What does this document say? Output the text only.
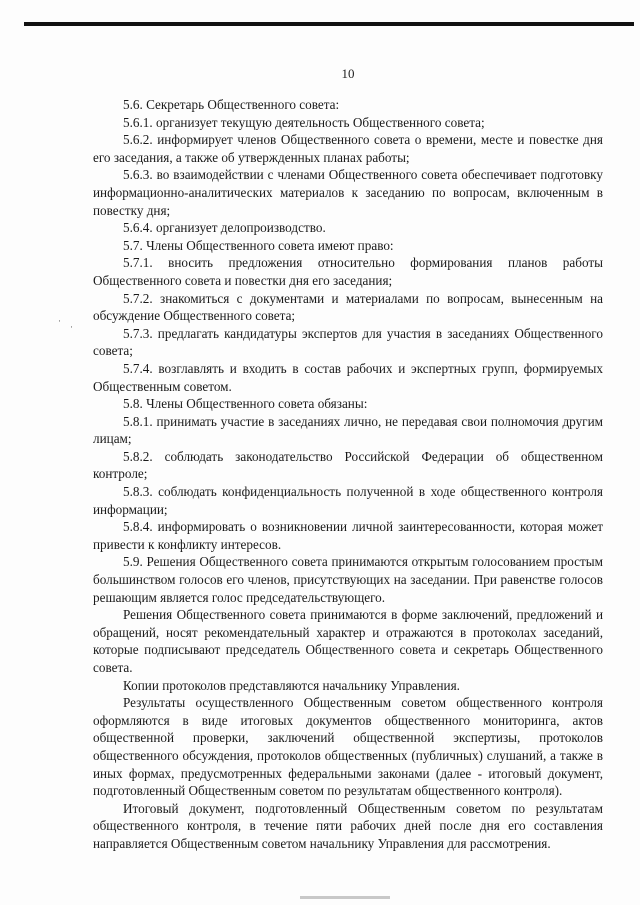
10

5.6. Секретарь Общественного совета:

5.6.1. организует текущую деятельность Общественного совета;

5.6.2. информирует членов Общественного совета о времени, месте и повестке дня его заседания, а также об утвержденных планах работы;

5.6.3. во взаимодействии с членами Общественного совета обеспечивает подготовку информационно-аналитических материалов к заседанию по вопросам, включенным в повестку дня;

5.6.4. организует делопроизводство.

5.7. Члены Общественного совета имеют право:

5.7.1. вносить предложения относительно формирования планов работы Общественного совета и повестки дня его заседания;

5.7.2. знакомиться с документами и материалами по вопросам, вынесенным на обсуждение Общественного совета;

5.7.3. предлагать кандидатуры экспертов для участия в заседаниях Общественного совета;

5.7.4. возглавлять и входить в состав рабочих и экспертных групп, формируемых Общественным советом.

5.8. Члены Общественного совета обязаны:

5.8.1. принимать участие в заседаниях лично, не передавая свои полномочия другим лицам;

5.8.2. соблюдать законодательство Российской Федерации об общественном контроле;

5.8.3. соблюдать конфиденциальность полученной в ходе общественного контроля информации;

5.8.4. информировать о возникновении личной заинтересованности, которая может привести к конфликту интересов.

5.9. Решения Общественного совета принимаются открытым голосованием простым большинством голосов его членов, присутствующих на заседании. При равенстве голосов решающим является голос председательствующего.

Решения Общественного совета принимаются в форме заключений, предложений и обращений, носят рекомендательный характер и отражаются в протоколах заседаний, которые подписывают председатель Общественного совета и секретарь Общественного совета.

Копии протоколов представляются начальнику Управления.

Результаты осуществленного Общественным советом общественного контроля оформляются в виде итоговых документов общественного мониторинга, актов общественной проверки, заключений общественной экспертизы, протоколов общественного обсуждения, протоколов общественных (публичных) слушаний, а также в иных формах, предусмотренных федеральными законами (далее - итоговый документ, подготовленный Общественным советом по результатам общественного контроля).

Итоговый документ, подготовленный Общественным советом по результатам общественного контроля, в течение пяти рабочих дней после дня его составления направляется Общественным советом начальнику Управления для рассмотрения.

·
·
